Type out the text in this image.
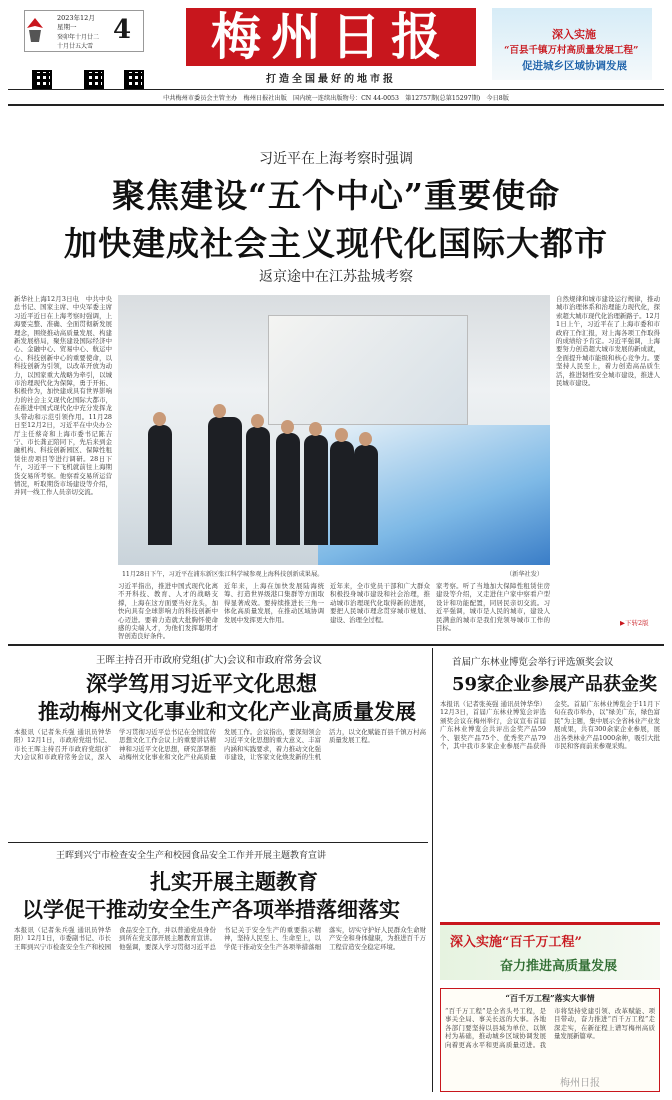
2023年12月
星期一 4
癸卯年十月廿二
十月廿五大雪	梅州日报
打造全国最好的地市报
深入实施
“百县千镇万村高质量发展工程”
促进城乡区域协调发展
中共梅州市委员会主管主办　梅州日报社出版　国内统一连续出版物号：CN 44-0053　第12757期(总第15297期)　今日8版
习近平在上海考察时强调
聚焦建设“五个中心”重要使命
加快建成社会主义现代化国际大都市
返京途中在江苏盐城考察
新华社上海12月3日电　中共中央总书记、国家主席、中央军委主席习近平近日在上海考察时强调，上海要完整、准确、全面贯彻新发展理念，围绕推动高质量发展、构建新发展格局，聚焦建设国际经济中心、金融中心、贸易中心、航运中心、科技创新中心的重要使命，以科技创新为引领，以改革开放为动力，以国家重大战略为牵引，以城市治理现代化为保障，勇于开拓、积极作为，加快建成具有世界影响力的社会主义现代化国际大都市，在推进中国式现代化中充分发挥龙头带动和示范引领作用。11月28日至12月2日，习近平在中央办公厅主任蔡奇和上海市委书记陈吉宁、市长龚正陪同下，先后来到金融机构、科技创新园区、保障性租赁住房项目等进行调研。28日下午，习近平一下飞机就前往上海期货交易所考察。他察看交易所运营情况，听取期货市场建设等介绍，并同一线工作人员亲切交流。
11月28日下午，习近平在浦东新区张江科学城参观上海科技创新成果展。	（新华社发）
自然规律和城市建设运行规律，推动城市治理体系和治理能力现代化，探索超大城市现代化治理新路子。12月1日上午，习近平在了上海市委和市政府工作汇报，对上海各项工作取得的成绩给予肯定。习近平强调，上海要努力创造超大城市发展的新成就，全面提升城市能级和核心竞争力。要坚持人民至上，着力创造高品质生活，推进韧性安全城市建设，推进人民城市建设。
习近平指出，推进中国式现代化离不开科技、教育、人才的战略支撑，上海在这方面要当好龙头，加快向具有全球影响力的科技创新中心迈进。要着力造就大批胸怀使命感的尖端人才，为他们发挥聪明才智创造良好条件。
近年来，上海在加快发展陆海统筹、打造世界级港口集群等方面取得显著成效。要持续推进长三角一体化高质量发展，在推动区域协调发展中发挥更大作用。
近年来，全市党员干部和广大群众积极投身城市建设和社会治理，推动城市治理现代化取得新的进展，要把人民城市理念贯穿城市规划、建设、治理全过程。
家考察。听了当地加大保障性租赁住房建设等介绍，又走进住户家中察看户型设计和功能配置，同居民亲切交流。习近平强调，城市是人民的城市，建设人民满意的城市是我们党领导城市工作的目标。
▶下转2版
王晖主持召开市政府党组(扩大)会议和市政府常务会议
深学笃用习近平文化思想
推动梅州文化事业和文化产业高质量发展
本报讯（记者朱兵强 通讯员钟华阳）12月1日，市政府党组书记、市长王晖主持召开市政府党组(扩大)会议和市政府常务会议，深入学习贯彻习近平总书记在全国宣传思想文化工作会议上的重要讲话精神和习近平文化思想，研究部署推动梅州文化事业和文化产业高质量发展工作。会议指出，要深刻领会习近平文化思想的重大意义、丰富内涵和实践要求，着力推动文化强市建设，让客家文化焕发新的生机活力，以文化赋能百县千镇万村高质量发展工程。
王晖到兴宁市检查安全生产和校园食品安全工作并开展主题教育宣讲
扎实开展主题教育
以学促干推动安全生产各项举措落细落实
本报讯（记者朱兵强 通讯员钟华阳）12月1日，市委副书记、市长王晖到兴宁市检查安全生产和校园食品安全工作，并以普通党员身份到所在党支部开展主题教育宣讲。他强调，要深入学习贯彻习近平总书记关于安全生产的重要指示精神，坚持人民至上、生命至上，以学促干推动安全生产各项举措落细落实，切实守护好人民群众生命财产安全和身体健康，为推进百千万工程营造安全稳定环境。
首届广东林业博览会举行评选颁奖会议
59家企业参展产品获金奖
本报讯（记者张英强 通讯员钟华华）12月3日，首届广东林业博览会评选颁奖会议在梅州举行，会议宣布首届广东林业博览会共评出金奖产品59个、银奖产品75个、优秀奖产品79个，其中我市多家企业参展产品获得金奖。首届广东林业博览会于11月下旬在我市举办，以“绿美广东，绿色富民”为主题，集中展示全省林业产业发展成果，共有300余家企业参展，展出各类林业产品1000余种，吸引大批市民和客商前来参观采购。
深入实施“百千万工程”
奋力推进高质量发展
“百千万工程”落实大事情
“百千万工程”是全省头号工程，是事关全局、事关长远的大事。各地各部门要坚持以县域为单位、以镇村为基础，推动城乡区域协调发展向着更高水平和更高质量迈进。我市将坚持党建引领、改革赋能、项目带动，奋力推进“百千万工程”走深走实，在新征程上谱写梅州高质量发展新篇章。
梅州日报
